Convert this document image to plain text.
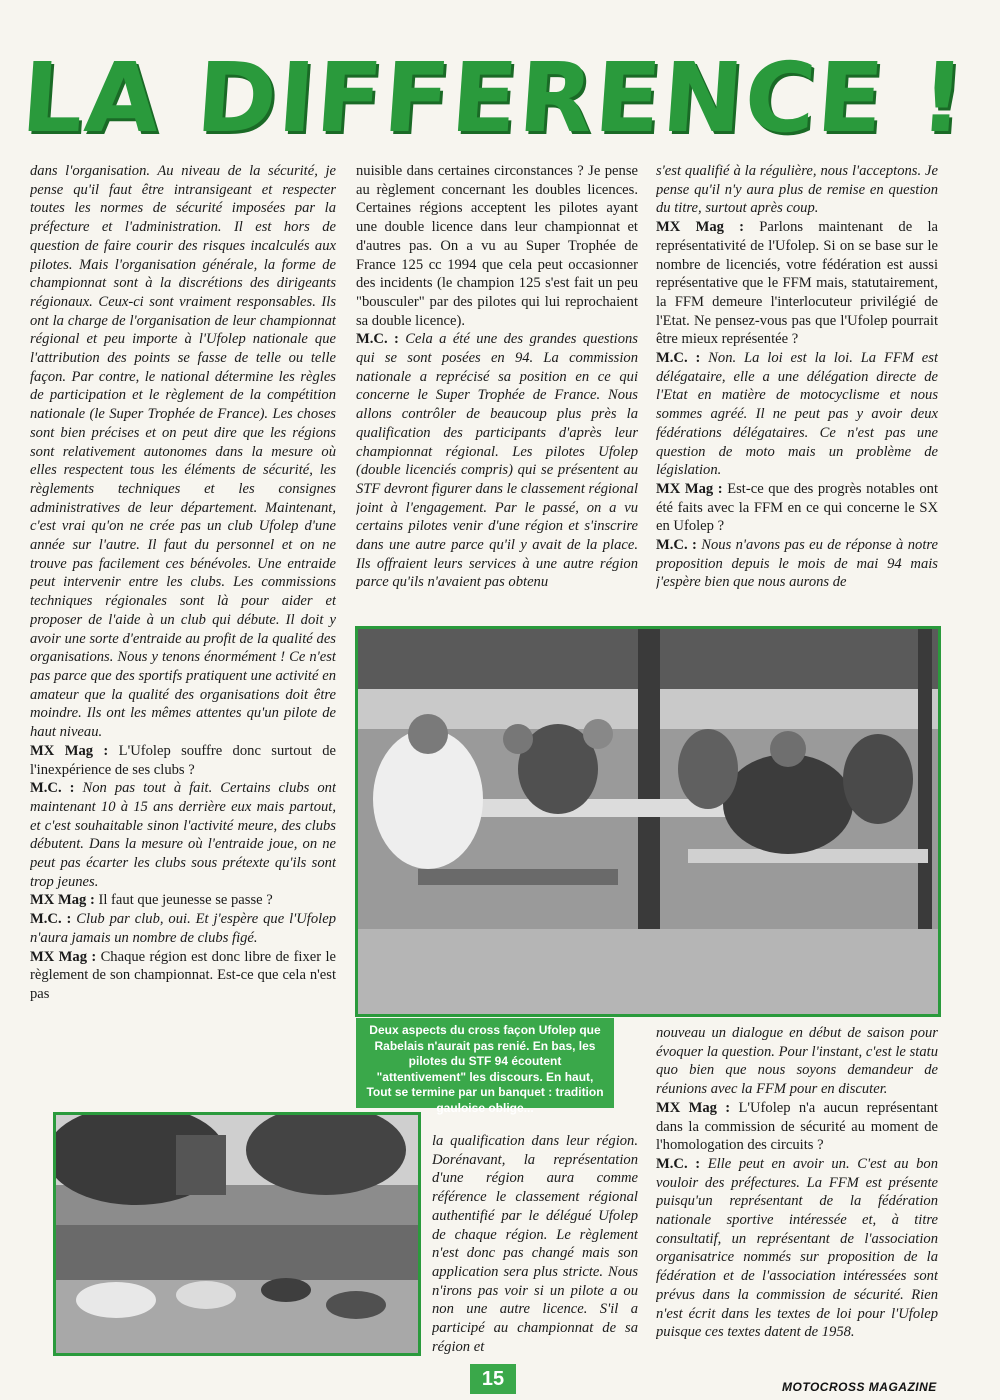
LA DIFFERENCE !

dans l'organisation. Au niveau de la sécurité, je pense qu'il faut être intransigeant et respecter toutes les normes de sécurité imposées par la préfecture et l'administration. Il est hors de question de faire courir des risques incalculés aux pilotes. Mais l'organisation générale, la forme de championnat sont à la discrétions des dirigeants régionaux. Ceux-ci sont vraiment responsables. Ils ont la charge de l'organisation de leur championnat régional et peu importe à l'Ufolep nationale que l'attribution des points se fasse de telle ou telle façon. Par contre, le national détermine les règles de participation et le règlement de la compétition nationale (le Super Trophée de France). Les choses sont bien précises et on peut dire que les régions sont relativement autonomes dans la mesure où elles respectent tous les éléments de sécurité, les règlements techniques et les consignes administratives de leur département. Maintenant, c'est vrai qu'on ne crée pas un club Ufolep d'une année sur l'autre. Il faut du personnel et on ne trouve pas facilement ces bénévoles. Une entraide peut intervenir entre les clubs. Les commissions techniques régionales sont là pour aider et proposer de l'aide à un club qui débute. Il doit y avoir une sorte d'entraide au profit de la qualité des organisations. Nous y tenons énormément ! Ce n'est pas parce que des sportifs pratiquent une activité en amateur que la qualité des organisations doit être moindre. Ils ont les mêmes attentes qu'un pilote de haut niveau.

MX Mag : L'Ufolep souffre donc surtout de l'inexpérience de ses clubs ?

M.C. : Non pas tout à fait. Certains clubs ont maintenant 10 à 15 ans derrière eux mais partout, et c'est souhaitable sinon l'activité meure, des clubs débutent. Dans la mesure où l'entraide joue, on ne peut pas écarter les clubs sous prétexte qu'ils sont trop jeunes.

MX Mag : Il faut que jeunesse se passe ?

M.C. : Club par club, oui. Et j'espère que l'Ufolep n'aura jamais un nombre de clubs figé.

MX Mag : Chaque région est donc libre de fixer le règlement de son championnat. Est-ce que cela n'est pas

nuisible dans certaines circonstances ? Je pense au règlement concernant les doubles licences. Certaines régions acceptent les pilotes ayant une double licence dans leur championnat et d'autres pas. On a vu au Super Trophée de France 125 cc 1994 que cela peut occasionner des incidents (le champion 125 s'est fait un peu "bousculer" par des pilotes qui lui reprochaient sa double licence).

M.C. : Cela a été une des grandes questions qui se sont posées en 94. La commission nationale a reprécisé sa position en ce qui concerne le Super Trophée de France. Nous allons contrôler de beaucoup plus près la qualification des participants d'après leur championnat régional. Les pilotes Ufolep (double licenciés compris) qui se présentent au STF devront figurer dans le classement régional joint à l'engagement. Par le passé, on a vu certains pilotes venir d'une région et s'inscrire dans une autre parce qu'il y avait de la place. Ils offraient leurs services à une autre région parce qu'ils n'avaient pas obtenu

s'est qualifié à la régulière, nous l'acceptons. Je pense qu'il n'y aura plus de remise en question du titre, surtout après coup.

MX Mag : Parlons maintenant de la représentativité de l'Ufolep. Si on se base sur le nombre de licenciés, votre fédération est aussi représentative que le FFM mais, statutairement, la FFM demeure l'interlocuteur privilégié de l'Etat. Ne pensez-vous pas que l'Ufolep pourrait être mieux représentée ?

M.C. : Non. La loi est la loi. La FFM est délégataire, elle a une délégation directe de l'Etat en matière de motocyclisme et nous sommes agréé. Il ne peut pas y avoir deux fédérations délégataires. Ce n'est pas une question de moto mais un problème de législation.

MX Mag : Est-ce que des progrès notables ont été faits avec la FFM en ce qui concerne le SX en Ufolep ?

M.C. : Nous n'avons pas eu de réponse à notre proposition depuis le mois de mai 94 mais j'espère bien que nous aurons de

Deux aspects du cross façon Ufolep que Rabelais n'aurait pas renié. En bas, les pilotes du STF 94 écoutent "attentivement" les discours. En haut, Tout se termine par un banquet : tradition gauloise oblige...

nouveau un dialogue en début de saison pour évoquer la question. Pour l'instant, c'est le statu quo bien que nous soyons demandeur de réunions avec la FFM pour en discuter.

MX Mag : L'Ufolep n'a aucun représentant dans la commission de sécurité au moment de l'homologation des circuits ?

M.C. : Elle peut en avoir un. C'est au bon vouloir des préfectures. La FFM est présente puisqu'un représentant de la fédération nationale sportive intéressée et, à titre consultatif, un représentant de l'association organisatrice nommés sur proposition de la fédération et de l'association intéressées sont prévus dans la commission de sécurité. Rien n'est écrit dans les textes de loi pour l'Ufolep puisque ces textes datent de 1958.

la qualification dans leur région. Dorénavant, la représentation d'une région aura comme référence le classement régional authentifié par le délégué Ufolep de chaque région. Le règlement n'est donc pas changé mais son application sera plus stricte. Nous n'irons pas voir si un pilote a ou non une autre licence. S'il a participé au championnat de sa région et

15	MOTOCROSS MAGAZINE
